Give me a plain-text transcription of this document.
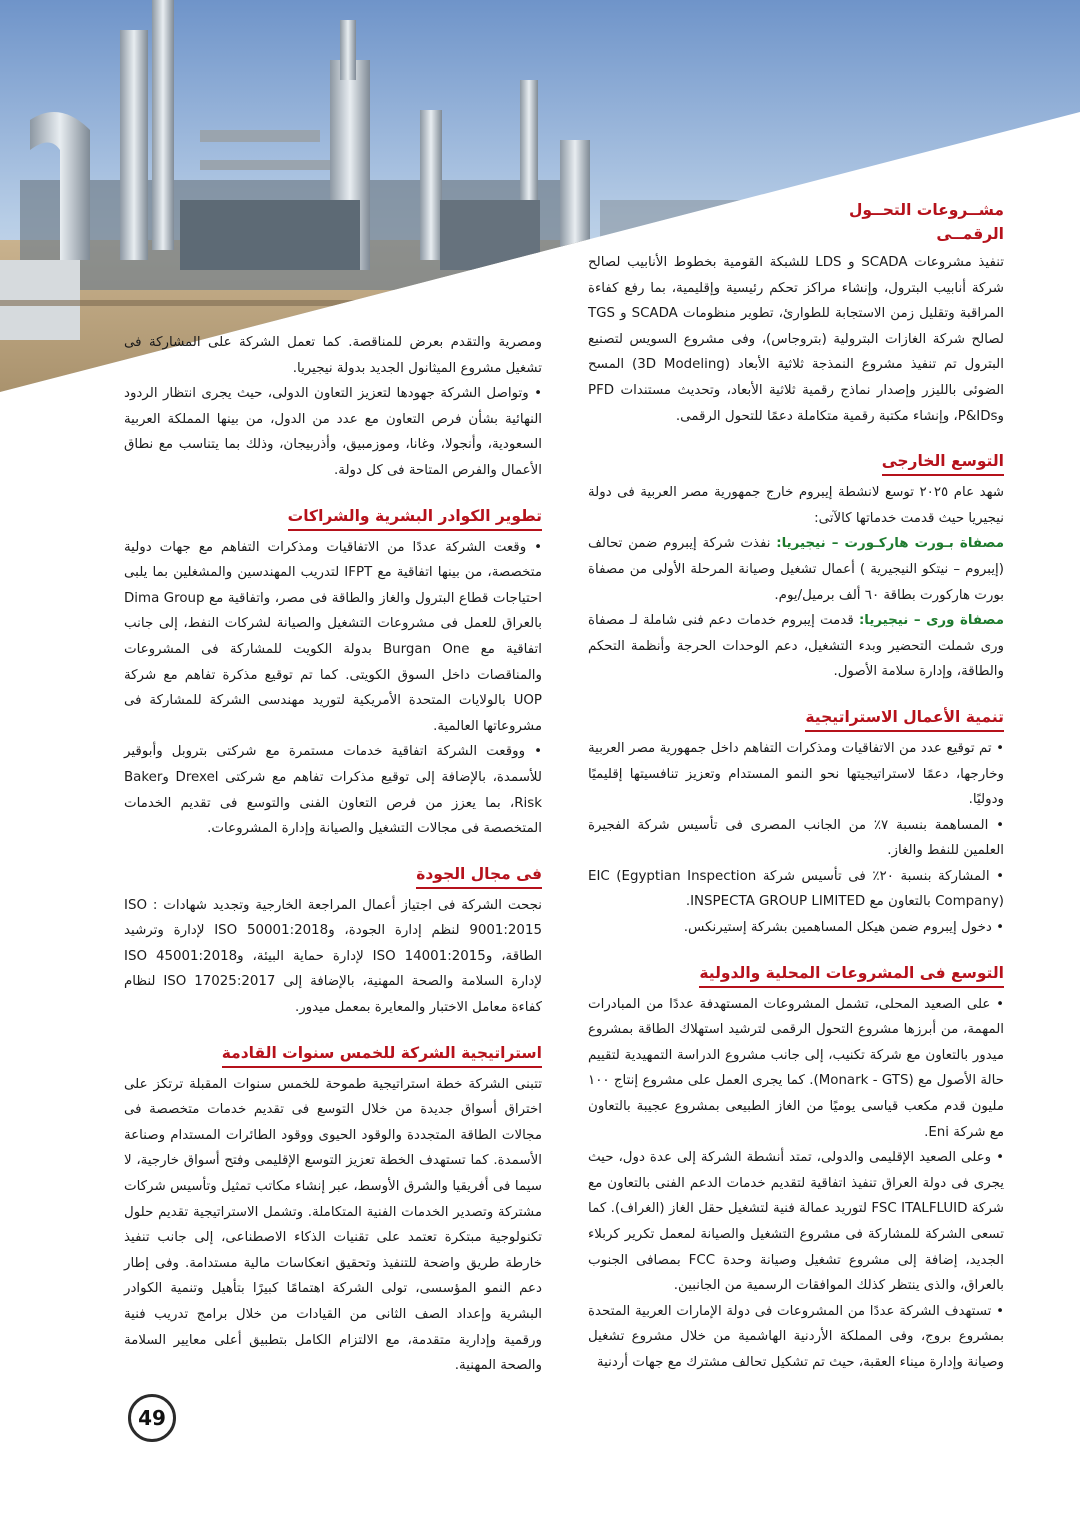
مشــروعات التحــول
الرقمــى

تنفيذ مشروعات SCADA و LDS للشبكة القومية بخطوط الأنابيب لصالح شركة أنابيب البترول، وإنشاء مراكز تحكم رئيسية وإقليمية، بما رفع كفاءة المراقبة وتقليل زمن الاستجابة للطوارئ، تطوير منظومات SCADA و TGS لصالح شركة الغازات البترولية (بتروجاس)، وفى مشروع السويس لتصنيع البترول تم تنفيذ مشروع النمذجة ثلاثية الأبعاد (3D Modeling) المسح الضوئى بالليزر وإصدار نماذج رقمية ثلاثية الأبعاد، وتحديث مستندات PFD وP&IDs، وإنشاء مكتبة رقمية متكاملة دعمًا للتحول الرقمى.

التوسع الخارجى

شهد عام ٢٠٢٥ توسع لانشطة إيبروم خارج جمهورية مصر العربية فى دولة نيجيريا حيث قدمت خدماتها كالآتى:

مصفاة بـورت هاركـورت – نيجيريا: نفذت شركة إيبروم ضمن تحالف (إيبروم – نيتكو النيجيرية ) أعمال تشغيل وصيانة المرحلة الأولى من مصفاة بورت هاركورت بطاقة ٦٠ ألف برميل/يوم.

مصفاة ورى – نيجيريا: قدمت إيبروم خدمات دعم فنى شاملة لـ مصفاة ورى شملت التحضير وبدء التشغيل، دعم الوحدات الحرجة وأنظمة التحكم والطاقة، وإدارة سلامة الأصول.

تنمية الأعمال الاستراتيجية

• تم توقيع عدد من الاتفاقيات ومذكرات التفاهم داخل جمهورية مصر العربية وخارجها، دعمًا لاستراتيجيتها نحو النمو المستدام وتعزيز تنافسيتها إقليميًا ودوليًا.

• المساهمة بنسبة ٧٪ من الجانب المصرى فى تأسيس شركة الفجيرة العلمين للنفط والغاز.

• المشاركة بنسبة ٢٠٪ فى تأسيس شركة EIC (Egyptian Inspection Company) بالتعاون مع INSPECTA GROUP LIMITED.

• دخول إيبروم ضمن هيكل المساهمين بشركة إستيرنكس.

التوسع فى المشروعات المحلية والدولية

• على الصعيد المحلى، تشمل المشروعات المستهدفة عددًا من المبادرات المهمة، من أبرزها مشروع التحول الرقمى لترشيد استهلاك الطاقة بمشروع ميدور بالتعاون مع شركة تكنيب، إلى جانب مشروع الدراسة التمهيدية لتقييم حالة الأصول مع (Monark - GTS). كما يجرى العمل على مشروع إنتاج ١٠٠ مليون قدم مكعب قياسى يوميًا من الغاز الطبيعى بمشروع عجيبة بالتعاون مع شركة Eni.

• وعلى الصعيد الإقليمى والدولى، تمتد أنشطة الشركة إلى عدة دول، حيث يجرى فى دولة العراق تنفيذ اتفاقية لتقديم خدمات الدعم الفنى بالتعاون مع شركة FSC ITALFLUID لتوريد عمالة فنية لتشغيل حقل الغاز (الغراف). كما تسعى الشركة للمشاركة فى مشروع التشغيل والصيانة لمعمل تكرير كربلاء الجديد، إضافة إلى مشروع تشغيل وصيانة وحدة FCC بمصافى الجنوب بالعراق، والذى ينتظر كذلك الموافقات الرسمية من الجانبين.

• تستهدف الشركة عددًا من المشروعات فى دولة الإمارات العربية المتحدة بمشروع بروج، وفى المملكة الأردنية الهاشمية من خلال مشروع تشغيل وصيانة وإدارة ميناء العقبة، حيث تم تشكيل تحالف مشترك مع جهات أردنية

ومصرية والتقدم بعرض للمناقصة. كما تعمل الشركة على المشاركة فى تشغيل مشروع الميثانول الجديد بدولة نيجيريا.

• وتواصل الشركة جهودها لتعزيز التعاون الدولى، حيث يجرى انتظار الردود النهائية بشأن فرص التعاون مع عدد من الدول، من بينها المملكة العربية السعودية، وأنجولا، وغانا، وموزمبيق، وأذربيجان، وذلك بما يتناسب مع نطاق الأعمال والفرص المتاحة فى كل دولة.

تطوير الكوادر البشرية والشراكات

• وقعت الشركة عددًا من الاتفاقيات ومذكرات التفاهم مع جهات دولية متخصصة، من بينها اتفاقية مع IFPT لتدريب المهندسين والمشغلين بما يلبى احتياجات قطاع البترول والغاز والطاقة فى مصر، واتفاقية مع Dima Group بالعراق للعمل فى مشروعات التشغيل والصيانة لشركات النفط، إلى جانب اتفاقية مع Burgan One بدولة الكويت للمشاركة فى المشروعات والمناقصات داخل السوق الكويتى. كما تم توقيع مذكرة تفاهم مع شركة UOP بالولايات المتحدة الأمريكية لتوريد مهندسى الشركة للمشاركة فى مشروعاتها العالمية.

• ووقعت الشركة اتفاقية خدمات مستمرة مع شركتى بتروبل وأبوقير للأسمدة، بالإضافة إلى توقيع مذكرات تفاهم مع شركتى Drexel وBaker Risk، بما يعزز من فرص التعاون الفنى والتوسع فى تقديم الخدمات المتخصصة فى مجالات التشغيل والصيانة وإدارة المشروعات.

فى مجال الجودة

نجحت الشركة فى اجتياز أعمال المراجعة الخارجية وتجديد شهادات : ISO 9001:2015 لنظم إدارة الجودة، وISO 50001:2018 لإدارة وترشيد الطاقة، وISO 14001:2015 لإدارة حماية البيئة، وISO 45001:2018 لإدارة السلامة والصحة المهنية، بالإضافة إلى ISO 17025:2017 لنظام كفاءة معامل الاختبار والمعايرة بمعمل ميدور.

استراتيجية الشركة للخمس سنوات القادمة

تتبنى الشركة خطة استراتيجية طموحة للخمس سنوات المقبلة ترتكز على اختراق أسواق جديدة من خلال التوسع فى تقديم خدمات متخصصة فى مجالات الطاقة المتجددة والوقود الحيوى ووقود الطائرات المستدام وصناعة الأسمدة. كما تستهدف الخطة تعزيز التوسع الإقليمى وفتح أسواق خارجية، لا سيما فى أفريقيا والشرق الأوسط، عبر إنشاء مكاتب تمثيل وتأسيس شركات مشتركة وتصدير الخدمات الفنية المتكاملة. وتشمل الاستراتيجية تقديم حلول تكنولوجية مبتكرة تعتمد على تقنيات الذكاء الاصطناعى، إلى جانب تنفيذ خارطة طريق واضحة للتنفيذ وتحقيق انعكاسات مالية مستدامة. وفى إطار دعم النمو المؤسسى، تولى الشركة اهتمامًا كبيرًا بتأهيل وتنمية الكوادر البشرية وإعداد الصف الثانى من القيادات من خلال برامج تدريب فنية ورقمية وإدارية متقدمة، مع الالتزام الكامل بتطبيق أعلى معايير السلامة والصحة المهنية.

49
